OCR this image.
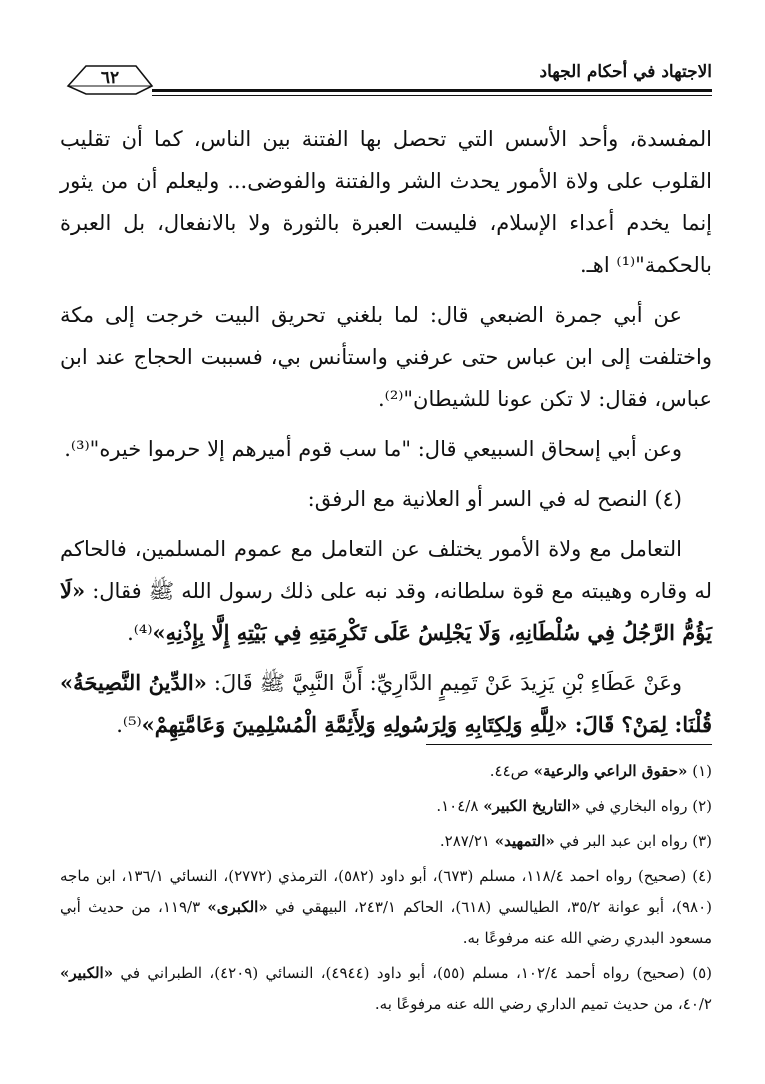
الاجتهاد في أحكام الجهاد
٦٢

المفسدة، وأحد الأسس التي تحصل بها الفتنة بين الناس، كما أن تقليب القلوب على ولاة الأمور يحدث الشر والفتنة والفوضى... وليعلم أن من يثور إنما يخدم أعداء الإسلام، فليست العبرة بالثورة ولا بالانفعال، بل العبرة بالحكمة"⁽¹⁾ اهـ.

عن أبي جمرة الضبعي قال: لما بلغني تحريق البيت خرجت إلى مكة واختلفت إلى ابن عباس حتى عرفني واستأنس بي، فسببت الحجاج عند ابن عباس، فقال: لا تكن عونا للشيطان"⁽²⁾.

وعن أبي إسحاق السبيعي قال: "ما سب قوم أميرهم إلا حرموا خيره"⁽³⁾.

(٤) النصح له في السر أو العلانية مع الرفق:

التعامل مع ولاة الأمور يختلف عن التعامل مع عموم المسلمين، فالحاكم له وقاره وهيبته مع قوة سلطانه، وقد نبه على ذلك رسول الله ﷺ فقال: «لَا يَؤُمُّ الرَّجُلُ فِي سُلْطَانِهِ، وَلَا يَجْلِسُ عَلَى تَكْرِمَتِهِ فِي بَيْتِهِ إِلَّا بِإِذْنِهِ»⁽⁴⁾.

وعَنْ عَطَاءِ بْنِ يَزِيدَ عَنْ تَمِيمٍ الدَّارِيِّ: أَنَّ النَّبِيَّ ﷺ قَالَ: «الدِّينُ النَّصِيحَةُ» قُلْنَا: لِمَنْ؟ قَالَ: «لِلَّهِ وَلِكِتَابِهِ وَلِرَسُولِهِ وَلِأَئِمَّةِ الْمُسْلِمِينَ وَعَامَّتِهِمْ»⁽⁵⁾.

(١) «حقوق الراعي والرعية» ص٤٤.

(٢) رواه البخاري في «التاريخ الكبير» ١٠٤/٨.

(٣) رواه ابن عبد البر في «التمهيد» ٢٨٧/٢١.

(٤) (صحيح) رواه احمد ١١٨/٤، مسلم (٦٧٣)، أبو داود (٥٨٢)، الترمذي (٢٧٧٢)، النسائي ١٣٦/١، ابن ماجه (٩٨٠)، أبو عوانة ٣٥/٢، الطيالسي (٦١٨)، الحاكم ٢٤٣/١، البيهقي في «الكبرى» ١١٩/٣، من حديث أبي مسعود البدري رضي الله عنه مرفوعًا به.

(٥) (صحيح) رواه أحمد ١٠٢/٤، مسلم (٥٥)، أبو داود (٤٩٤٤)، النسائي (٤٢٠٩)، الطبراني في «الكبير» ٤٠/٢، من حديث تميم الداري رضي الله عنه مرفوعًا به.
